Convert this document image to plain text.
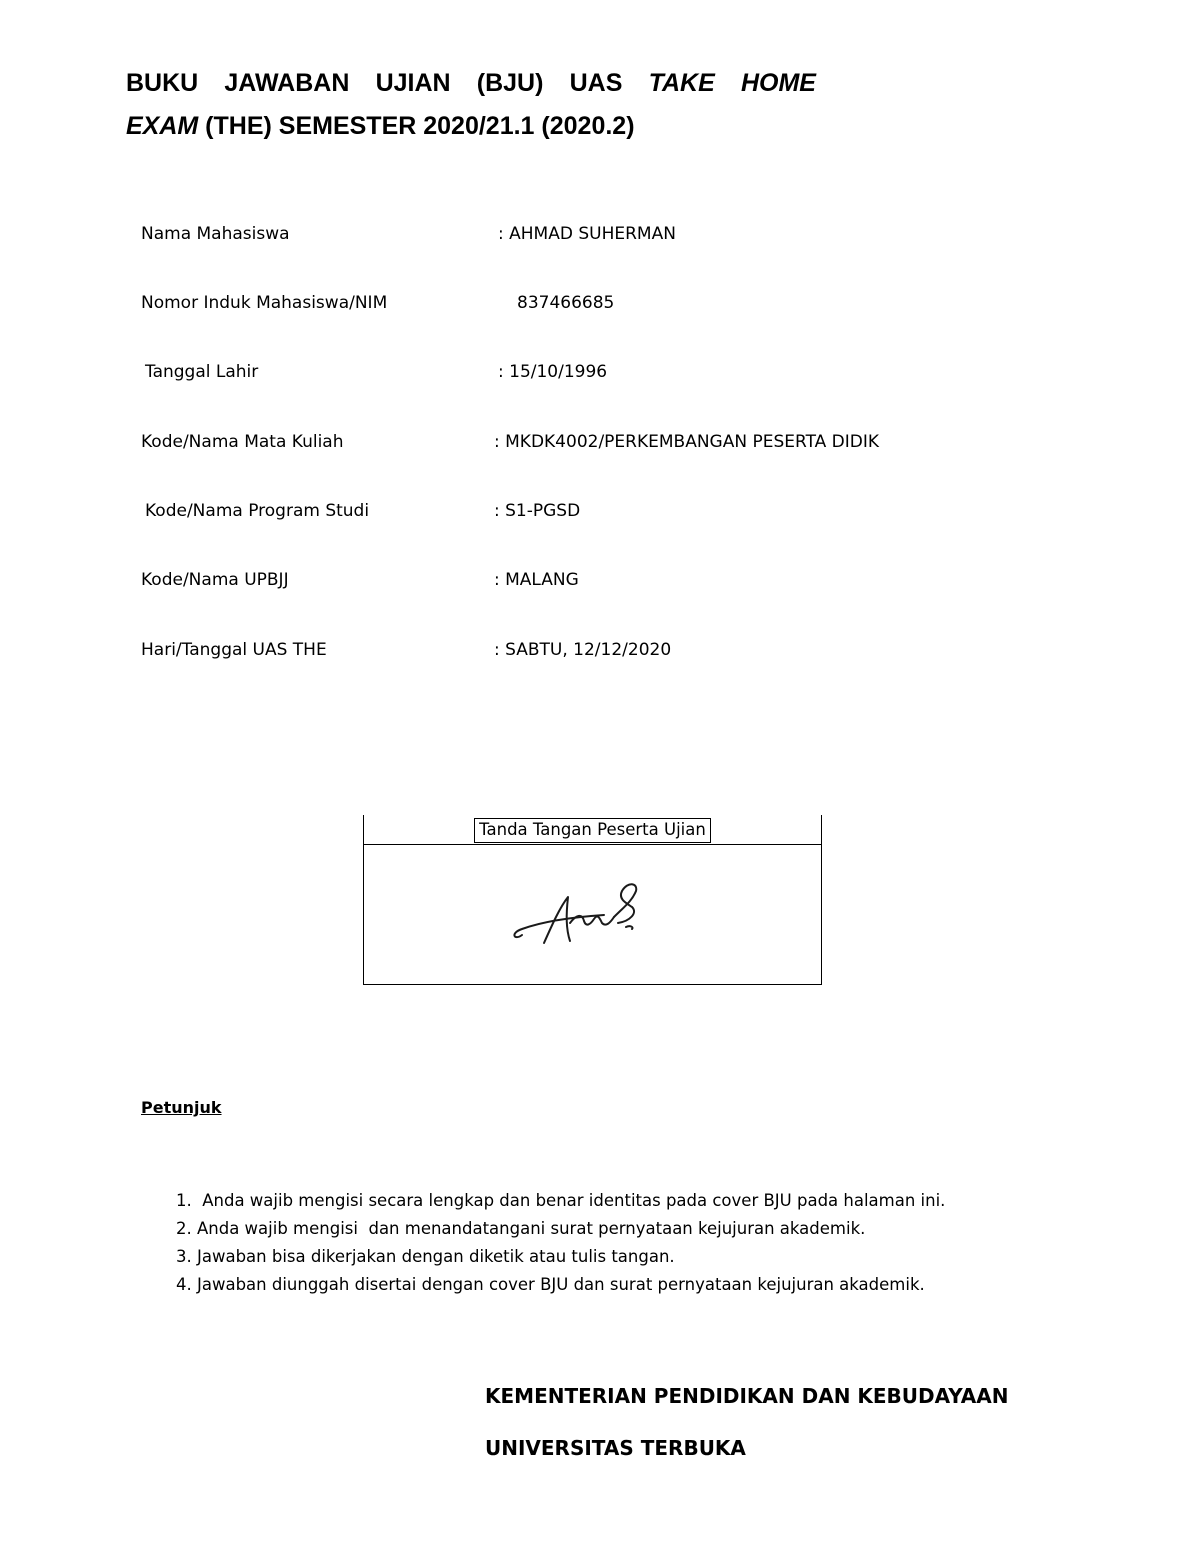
BUKU JAWABAN UJIAN (BJU) UAS TAKE HOME
EXAM (THE) SEMESTER 2020/21.1 (2020.2)
Nama Mahasiswa	: AHMAD SUHERMAN
Nomor Induk Mahasiswa/NIM	837466685
Tanggal Lahir	: 15/10/1996
Kode/Nama Mata Kuliah	: MKDK4002/PERKEMBANGAN PESERTA DIDIK
Kode/Nama Program Studi	: S1-PGSD
Kode/Nama UPBJJ	: MALANG
Hari/Tanggal UAS THE	: SABTU, 12/12/2020
Tanda Tangan Peserta Ujian
Petunjuk
1.  Anda wajib mengisi secara lengkap dan benar identitas pada cover BJU pada halaman ini.
2. Anda wajib mengisi  dan menandatangani surat pernyataan kejujuran akademik.
3. Jawaban bisa dikerjakan dengan diketik atau tulis tangan.
4. Jawaban diunggah disertai dengan cover BJU dan surat pernyataan kejujuran akademik.
KEMENTERIAN PENDIDIKAN DAN KEBUDAYAAN
UNIVERSITAS TERBUKA
